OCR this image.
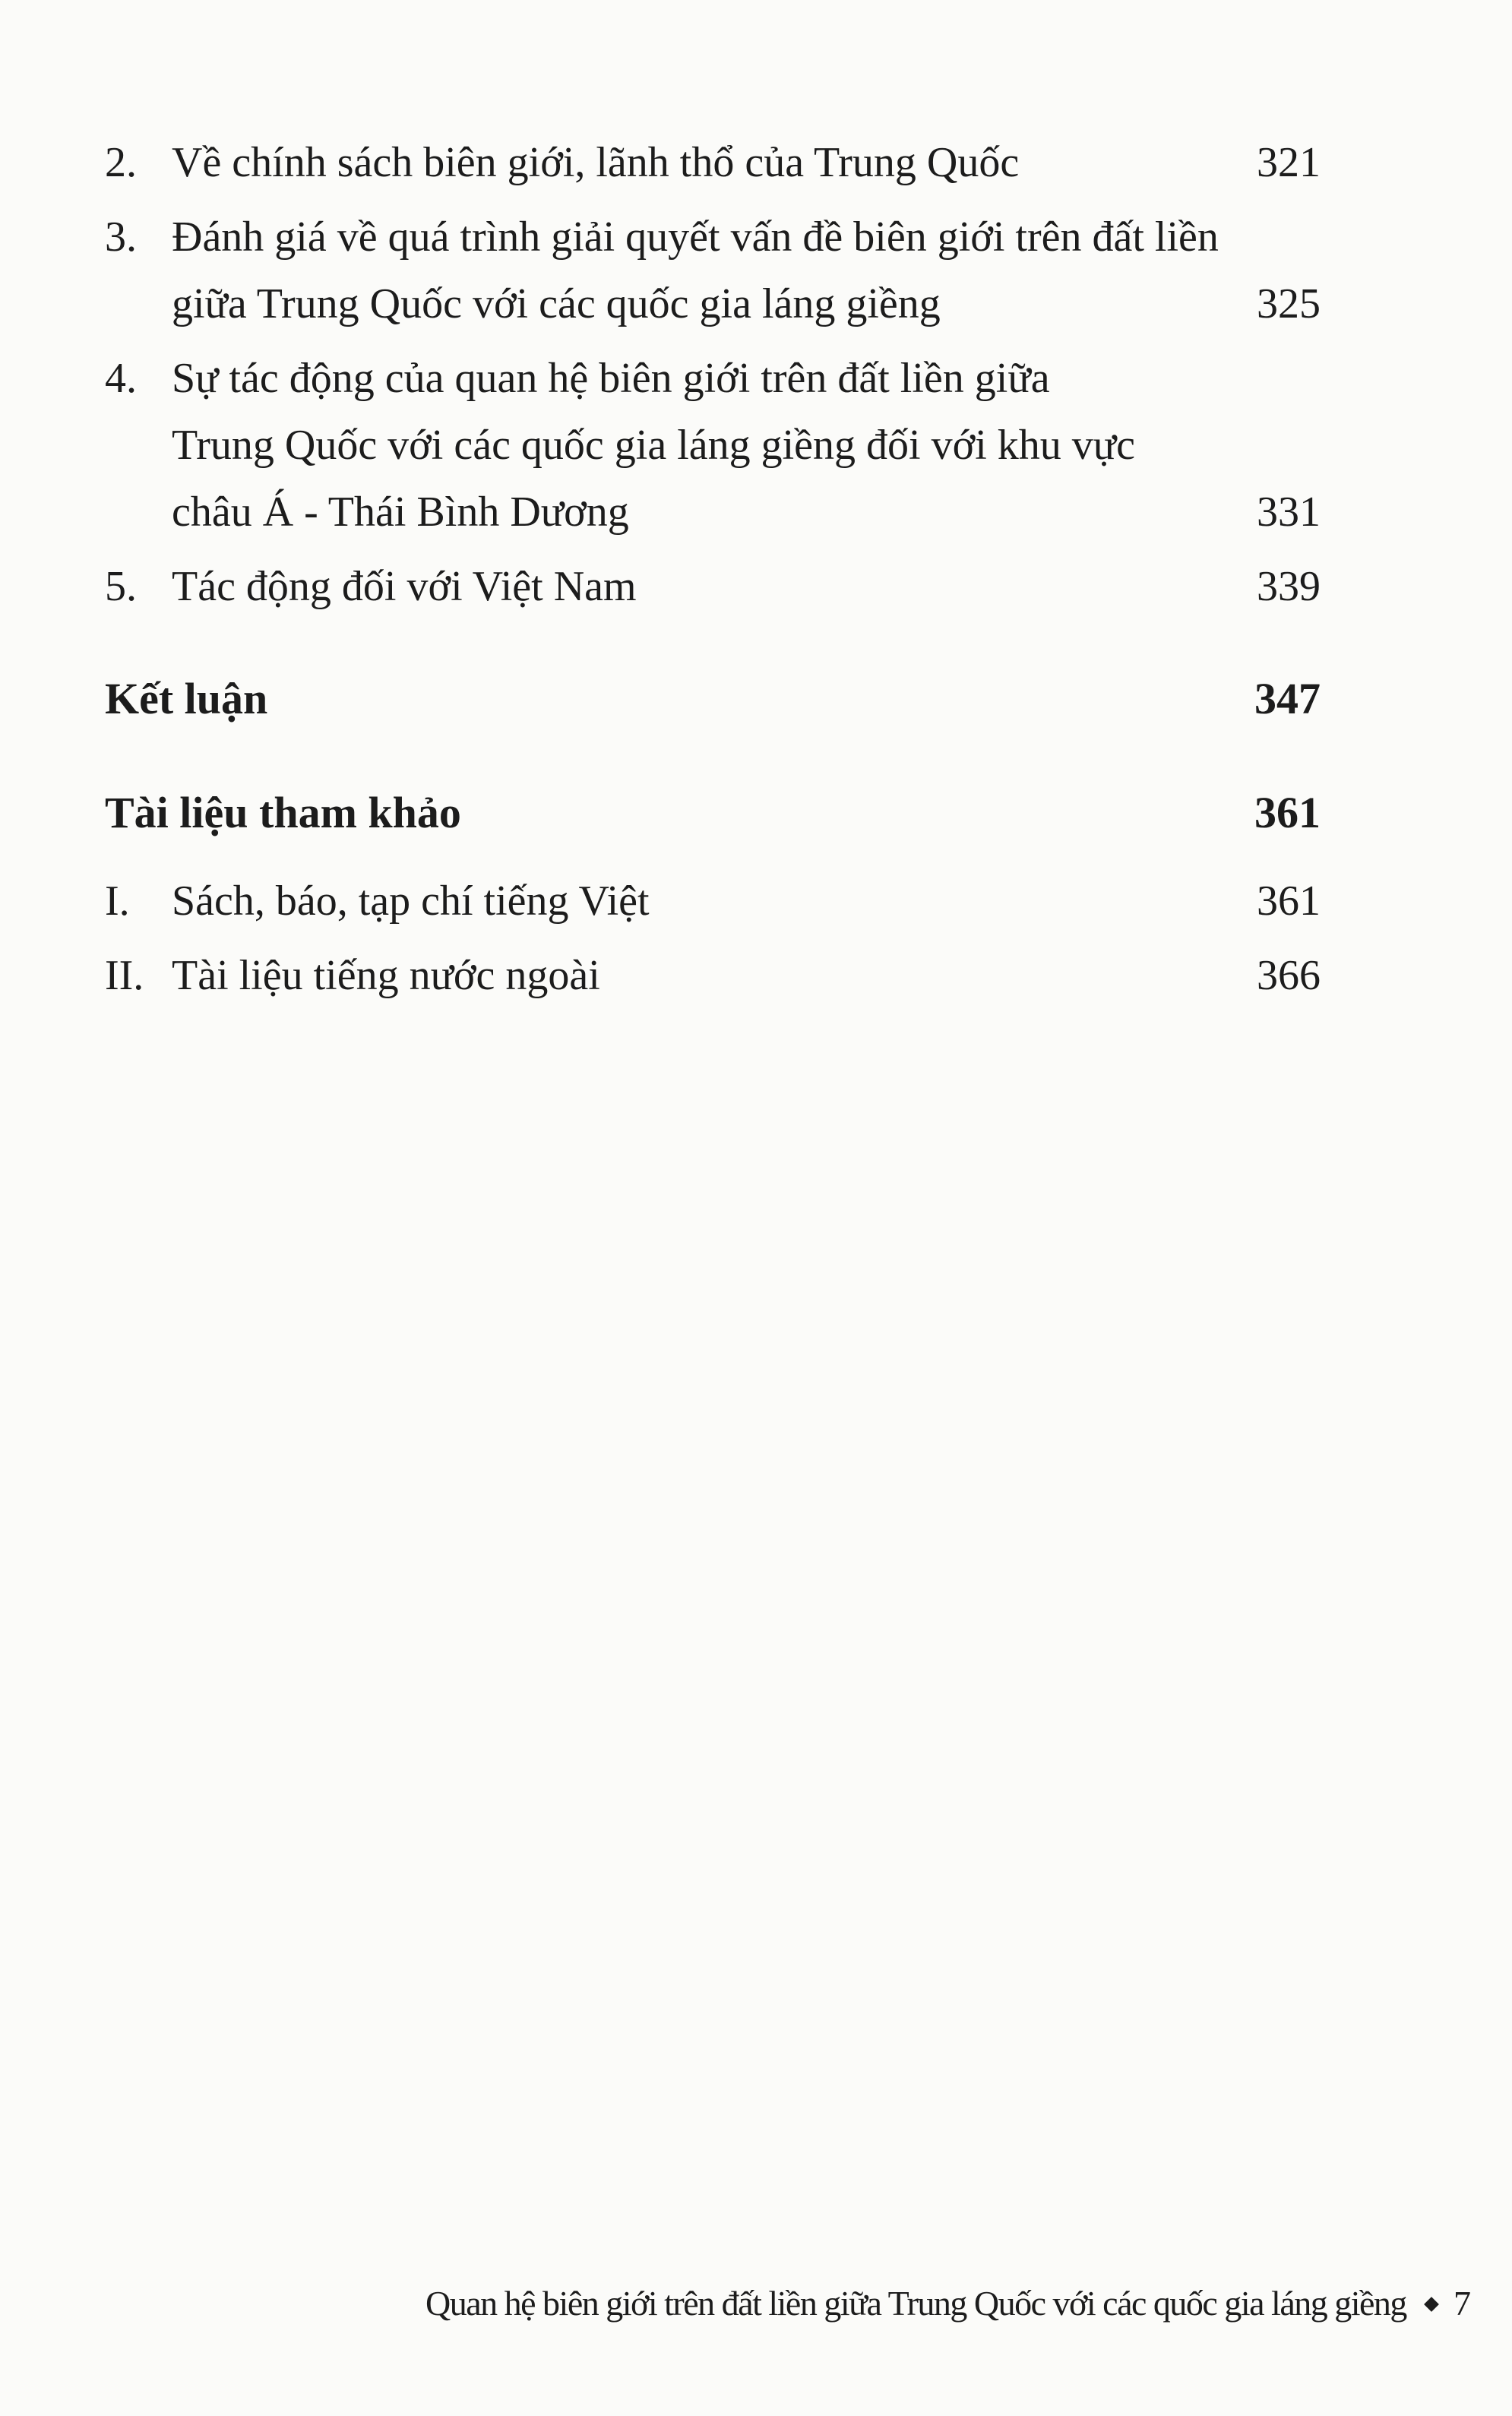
2. Về chính sách biên giới, lãnh thổ của Trung Quốc	321
3. Đánh giá về quá trình giải quyết vấn đề biên giới trên đất liền
giữa Trung Quốc với các quốc gia láng giềng	325
4. Sự tác động của quan hệ biên giới trên đất liền giữa
Trung Quốc với các quốc gia láng giềng đối với khu vực
châu Á - Thái Bình Dương	331
5. Tác động đối với Việt Nam	339
Kết luận	347
Tài liệu tham khảo	361
I. Sách, báo, tạp chí tiếng Việt	361
II. Tài liệu tiếng nước ngoài	366
Quan hệ biên giới trên đất liền giữa Trung Quốc với các quốc gia láng giềng 7
